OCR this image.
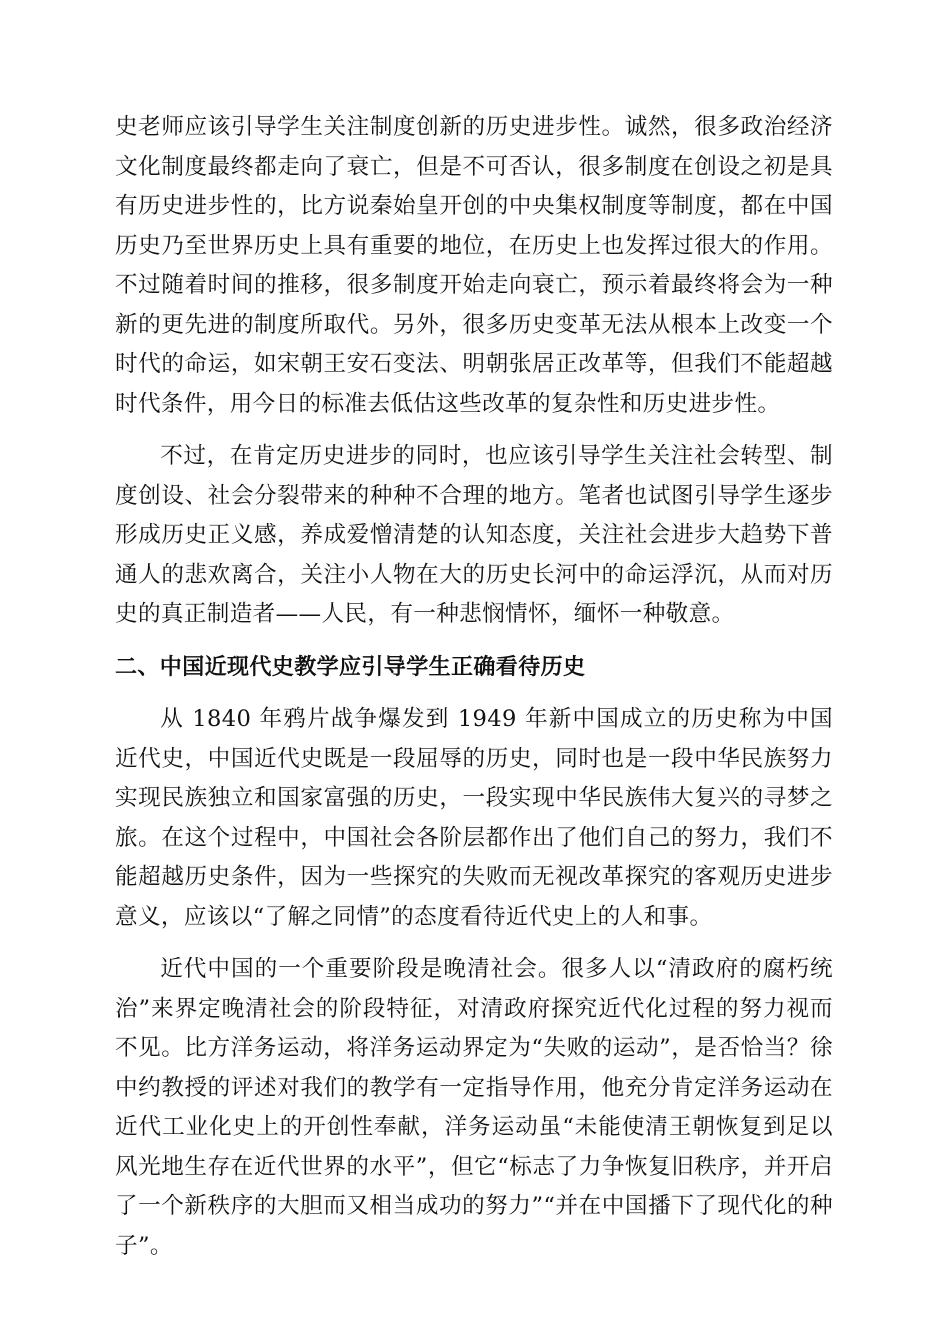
史老师应该引导学生关注制度创新的历史进步性。诚然，很多政治经济文化制度最终都走向了衰亡，但是不可否认，很多制度在创设之初是具有历史进步性的，比方说秦始皇开创的中央集权制度等制度，都在中国历史乃至世界历史上具有重要的地位，在历史上也发挥过很大的作用。不过随着时间的推移，很多制度开始走向衰亡，预示着最终将会为一种新的更先进的制度所取代。另外，很多历史变革无法从根本上改变一个时代的命运，如宋朝王安石变法、明朝张居正改革等，但我们不能超越时代条件，用今日的标准去低估这些改革的复杂性和历史进步性。

不过，在肯定历史进步的同时，也应该引导学生关注社会转型、制度创设、社会分裂带来的种种不合理的地方。笔者也试图引导学生逐步形成历史正义感，养成爱憎清楚的认知态度，关注社会进步大趋势下普通人的悲欢离合，关注小人物在大的历史长河中的命运浮沉，从而对历史的真正制造者——人民，有一种悲悯情怀，缅怀一种敬意。

二、中国近现代史教学应引导学生正确看待历史

从 1840 年鸦片战争爆发到 1949 年新中国成立的历史称为中国近代史，中国近代史既是一段屈辱的历史，同时也是一段中华民族努力实现民族独立和国家富强的历史，一段实现中华民族伟大复兴的寻梦之旅。在这个过程中，中国社会各阶层都作出了他们自己的努力，我们不能超越历史条件，因为一些探究的失败而无视改革探究的客观历史进步意义，应该以“了解之同情”的态度看待近代史上的人和事。

近代中国的一个重要阶段是晚清社会。很多人以“清政府的腐朽统治”来界定晚清社会的阶段特征，对清政府探究近代化过程的努力视而不见。比方洋务运动，将洋务运动界定为“失败的运动”，是否恰当？徐中约教授的评述对我们的教学有一定指导作用，他充分肯定洋务运动在近代工业化史上的开创性奉献，洋务运动虽“未能使清王朝恢复到足以风光地生存在近代世界的水平”，但它“标志了力争恢复旧秩序，并开启了一个新秩序的大胆而又相当成功的努力”“并在中国播下了现代化的种子”。
